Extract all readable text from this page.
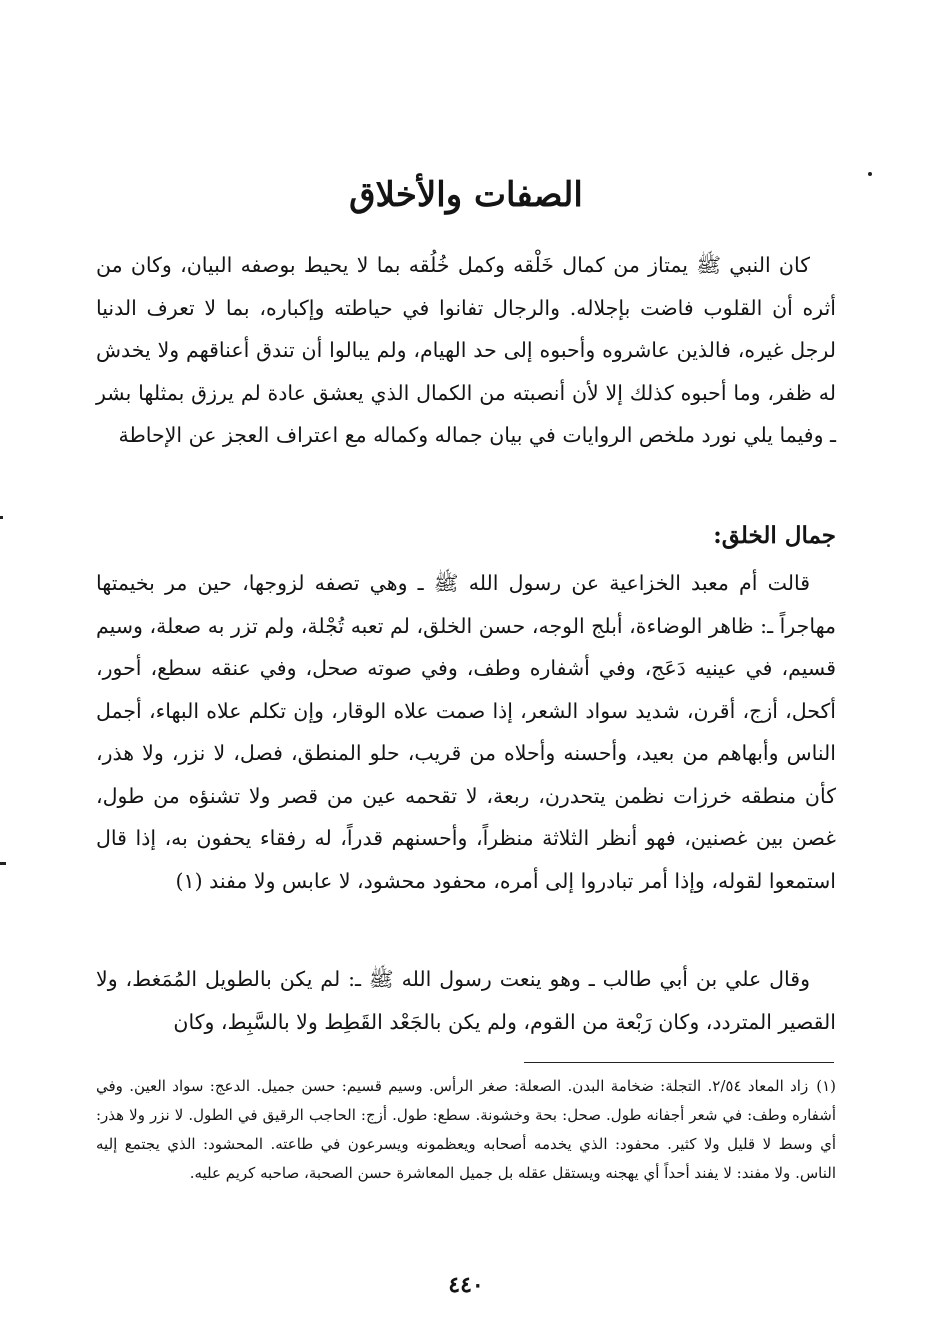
الصفات والأخلاق

كان النبي ﷺ يمتاز من كمال خَلْقه وكمل خُلُقه بما لا يحيط بوصفه البيان، وكان من أثره أن القلوب فاضت بإجلاله. والرجال تفانوا في حياطته وإكباره، بما لا تعرف الدنيا لرجل غيره، فالذين عاشروه وأحبوه إلى حد الهيام، ولم يبالوا أن تندق أعناقهم ولا يخدش له ظفر، وما أحبوه كذلك إلا لأن أنصبته من الكمال الذي يعشق عادة لم يرزق بمثلها بشر ـ وفيما يلي نورد ملخص الروايات في بيان جماله وكماله مع اعتراف العجز عن الإحاطة

جمال الخلق:

قالت أم معبد الخزاعية عن رسول الله ﷺ ـ وهي تصفه لزوجها، حين مر بخيمتها مهاجراً ـ: ظاهر الوضاءة، أبلج الوجه، حسن الخلق، لم تعبه تُجْلة، ولم تزر به صعلة، وسيم قسيم، في عينيه دَعَج، وفي أشفاره وطف، وفي صوته صحل، وفي عنقه سطع، أحور، أكحل، أزج، أقرن، شديد سواد الشعر، إذا صمت علاه الوقار، وإن تكلم علاه البهاء، أجمل الناس وأبهاهم من بعيد، وأحسنه وأحلاه من قريب، حلو المنطق، فصل، لا نزر، ولا هذر، كأن منطقه خرزات نظمن يتحدرن، ربعة، لا تقحمه عين من قصر ولا تشنؤه من طول، غصن بين غصنين، فهو أنظر الثلاثة منظراً، وأحسنهم قدراً، له رفقاء يحفون به، إذا قال استمعوا لقوله، وإذا أمر تبادروا إلى أمره، محفود محشود، لا عابس ولا مفند (١)

وقال علي بن أبي طالب ـ وهو ينعت رسول الله ﷺ ـ: لم يكن بالطويل المُمَغط، ولا القصير المتردد، وكان رَبْعة من القوم، ولم يكن بالجَعْد القَطِط ولا بالسَّبِط، وكان

(١)زاد المعاد ٢/٥٤. التجلة: ضخامة البدن. الصعلة: صغر الرأس. وسيم قسيم: حسن جميل. الدعج: سواد العين. وفي أشفاره وطف: في شعر أجفانه طول. صحل: بحة وخشونة. سطع: طول. أزج: الحاجب الرقيق في الطول. لا نزر ولا هذر: أي وسط لا قليل ولا كثير. محفود: الذي يخدمه أصحابه ويعظمونه ويسرعون في طاعته. المحشود: الذي يجتمع إليه الناس. ولا مفند: لا يفند أحداً أي يهجنه ويستقل عقله بل جميل المعاشرة حسن الصحبة، صاحبه كريم عليه.

٤٤٠
